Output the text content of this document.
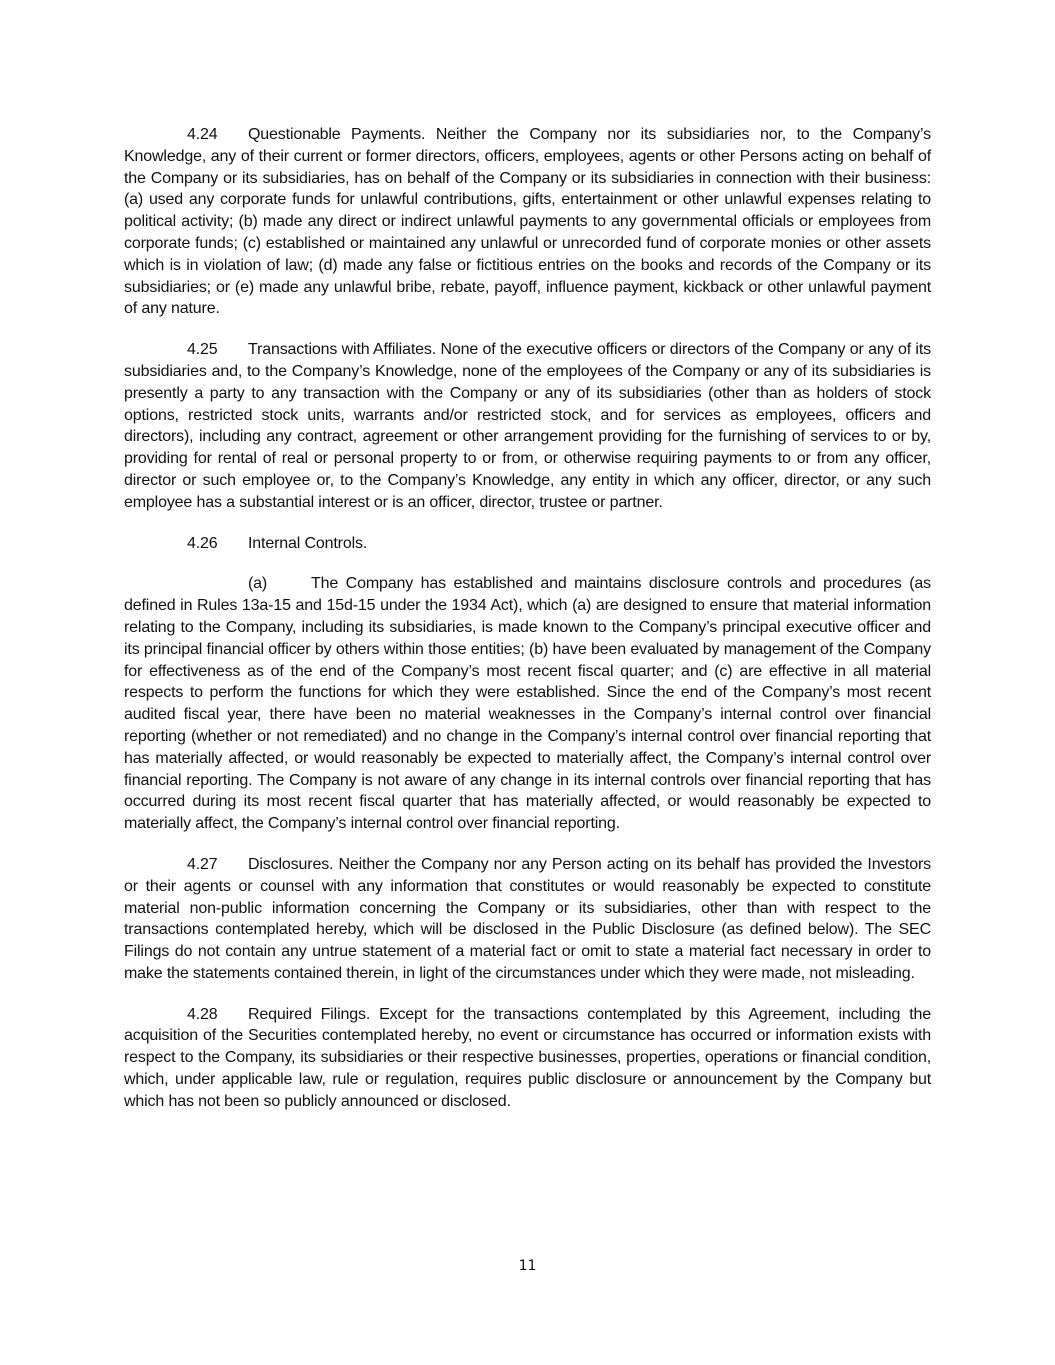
4.24 Questionable Payments. Neither the Company nor its subsidiaries nor, to the Company’s Knowledge, any of their current or former directors, officers, employees, agents or other Persons acting on behalf of the Company or its subsidiaries, has on behalf of the Company or its subsidiaries in connection with their business: (a) used any corporate funds for unlawful contributions, gifts, entertainment or other unlawful expenses relating to political activity; (b) made any direct or indirect unlawful payments to any governmental officials or employees from corporate funds; (c) established or maintained any unlawful or unrecorded fund of corporate monies or other assets which is in violation of law; (d) made any false or fictitious entries on the books and records of the Company or its subsidiaries; or (e) made any unlawful bribe, rebate, payoff, influence payment, kickback or other unlawful payment of any nature.

4.25 Transactions with Affiliates. None of the executive officers or directors of the Company or any of its subsidiaries and, to the Company’s Knowledge, none of the employees of the Company or any of its subsidiaries is presently a party to any transaction with the Company or any of its subsidiaries (other than as holders of stock options, restricted stock units, warrants and/or restricted stock, and for services as employees, officers and directors), including any contract, agreement or other arrangement providing for the furnishing of services to or by, providing for rental of real or personal property to or from, or otherwise requiring payments to or from any officer, director or such employee or, to the Company’s Knowledge, any entity in which any officer, director, or any such employee has a substantial interest or is an officer, director, trustee or partner.

4.26 Internal Controls.

(a)	The Company has established and maintains disclosure controls and procedures (as defined in Rules 13a-15 and 15d-15 under the 1934 Act), which (a) are designed to ensure that material information relating to the Company, including its subsidiaries, is made known to the Company’s principal executive officer and its principal financial officer by others within those entities; (b) have been evaluated by management of the Company for effectiveness as of the end of the Company’s most recent fiscal quarter; and (c) are effective in all material respects to perform the functions for which they were established. Since the end of the Company’s most recent audited fiscal year, there have been no material weaknesses in the Company’s internal control over financial reporting (whether or not remediated) and no change in the Company’s internal control over financial reporting that has materially affected, or would reasonably be expected to materially affect, the Company’s internal control over financial reporting. The Company is not aware of any change in its internal controls over financial reporting that has occurred during its most recent fiscal quarter that has materially affected, or would reasonably be expected to materially affect, the Company’s internal control over financial reporting.

4.27 Disclosures. Neither the Company nor any Person acting on its behalf has provided the Investors or their agents or counsel with any information that constitutes or would reasonably be expected to constitute material non-public information concerning the Company or its subsidiaries, other than with respect to the transactions contemplated hereby, which will be disclosed in the Public Disclosure (as defined below). The SEC Filings do not contain any untrue statement of a material fact or omit to state a material fact necessary in order to make the statements contained therein, in light of the circumstances under which they were made, not misleading.

4.28 Required Filings. Except for the transactions contemplated by this Agreement, including the acquisition of the Securities contemplated hereby, no event or circumstance has occurred or information exists with respect to the Company, its subsidiaries or their respective businesses, properties, operations or financial condition, which, under applicable law, rule or regulation, requires public disclosure or announcement by the Company but which has not been so publicly announced or disclosed.

11
